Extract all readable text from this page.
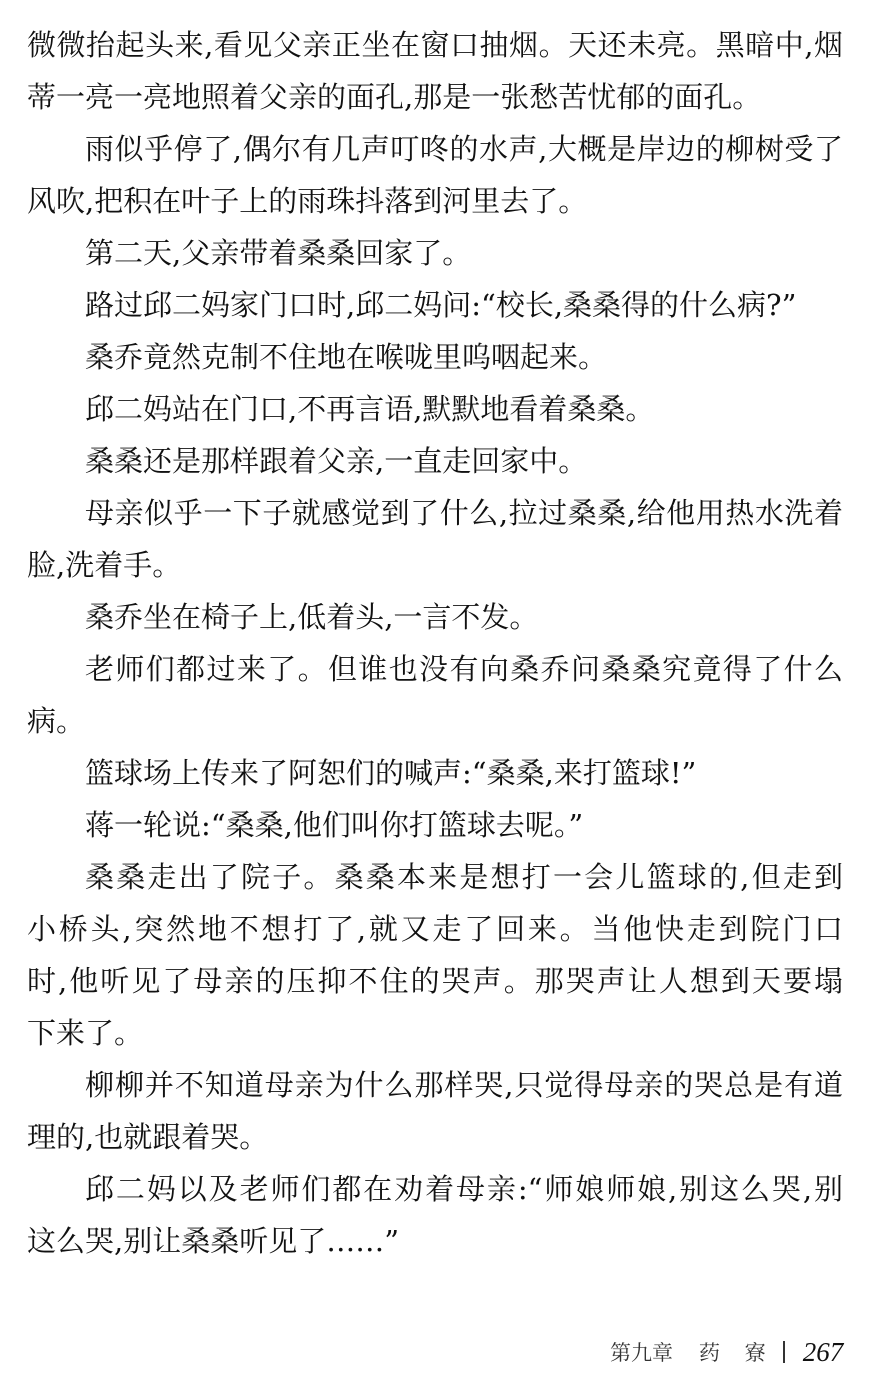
微微抬起头来,看见父亲正坐在窗口抽烟。天还未亮。黑暗中,烟
蒂一亮一亮地照着父亲的面孔,那是一张愁苦忧郁的面孔。
雨似乎停了,偶尔有几声叮咚的水声,大概是岸边的柳树受了
风吹,把积在叶子上的雨珠抖落到河里去了。
第二天,父亲带着桑桑回家了。
路过邱二妈家门口时,邱二妈问:“校长,桑桑得的什么病?”
桑乔竟然克制不住地在喉咙里呜咽起来。
邱二妈站在门口,不再言语,默默地看着桑桑。
桑桑还是那样跟着父亲,一直走回家中。
母亲似乎一下子就感觉到了什么,拉过桑桑,给他用热水洗着
脸,洗着手。
桑乔坐在椅子上,低着头,一言不发。
老师们都过来了。但谁也没有向桑乔问桑桑究竟得了什么
病。
篮球场上传来了阿恕们的喊声:“桑桑,来打篮球!”
蒋一轮说:“桑桑,他们叫你打篮球去呢。”
桑桑走出了院子。桑桑本来是想打一会儿篮球的,但走到
小桥头,突然地不想打了,就又走了回来。当他快走到院门口
时,他听见了母亲的压抑不住的哭声。那哭声让人想到天要塌
下来了。
柳柳并不知道母亲为什么那样哭,只觉得母亲的哭总是有道
理的,也就跟着哭。
邱二妈以及老师们都在劝着母亲:“师娘师娘,别这么哭,别
这么哭,别让桑桑听见了……”
第九章 药 寮 267
